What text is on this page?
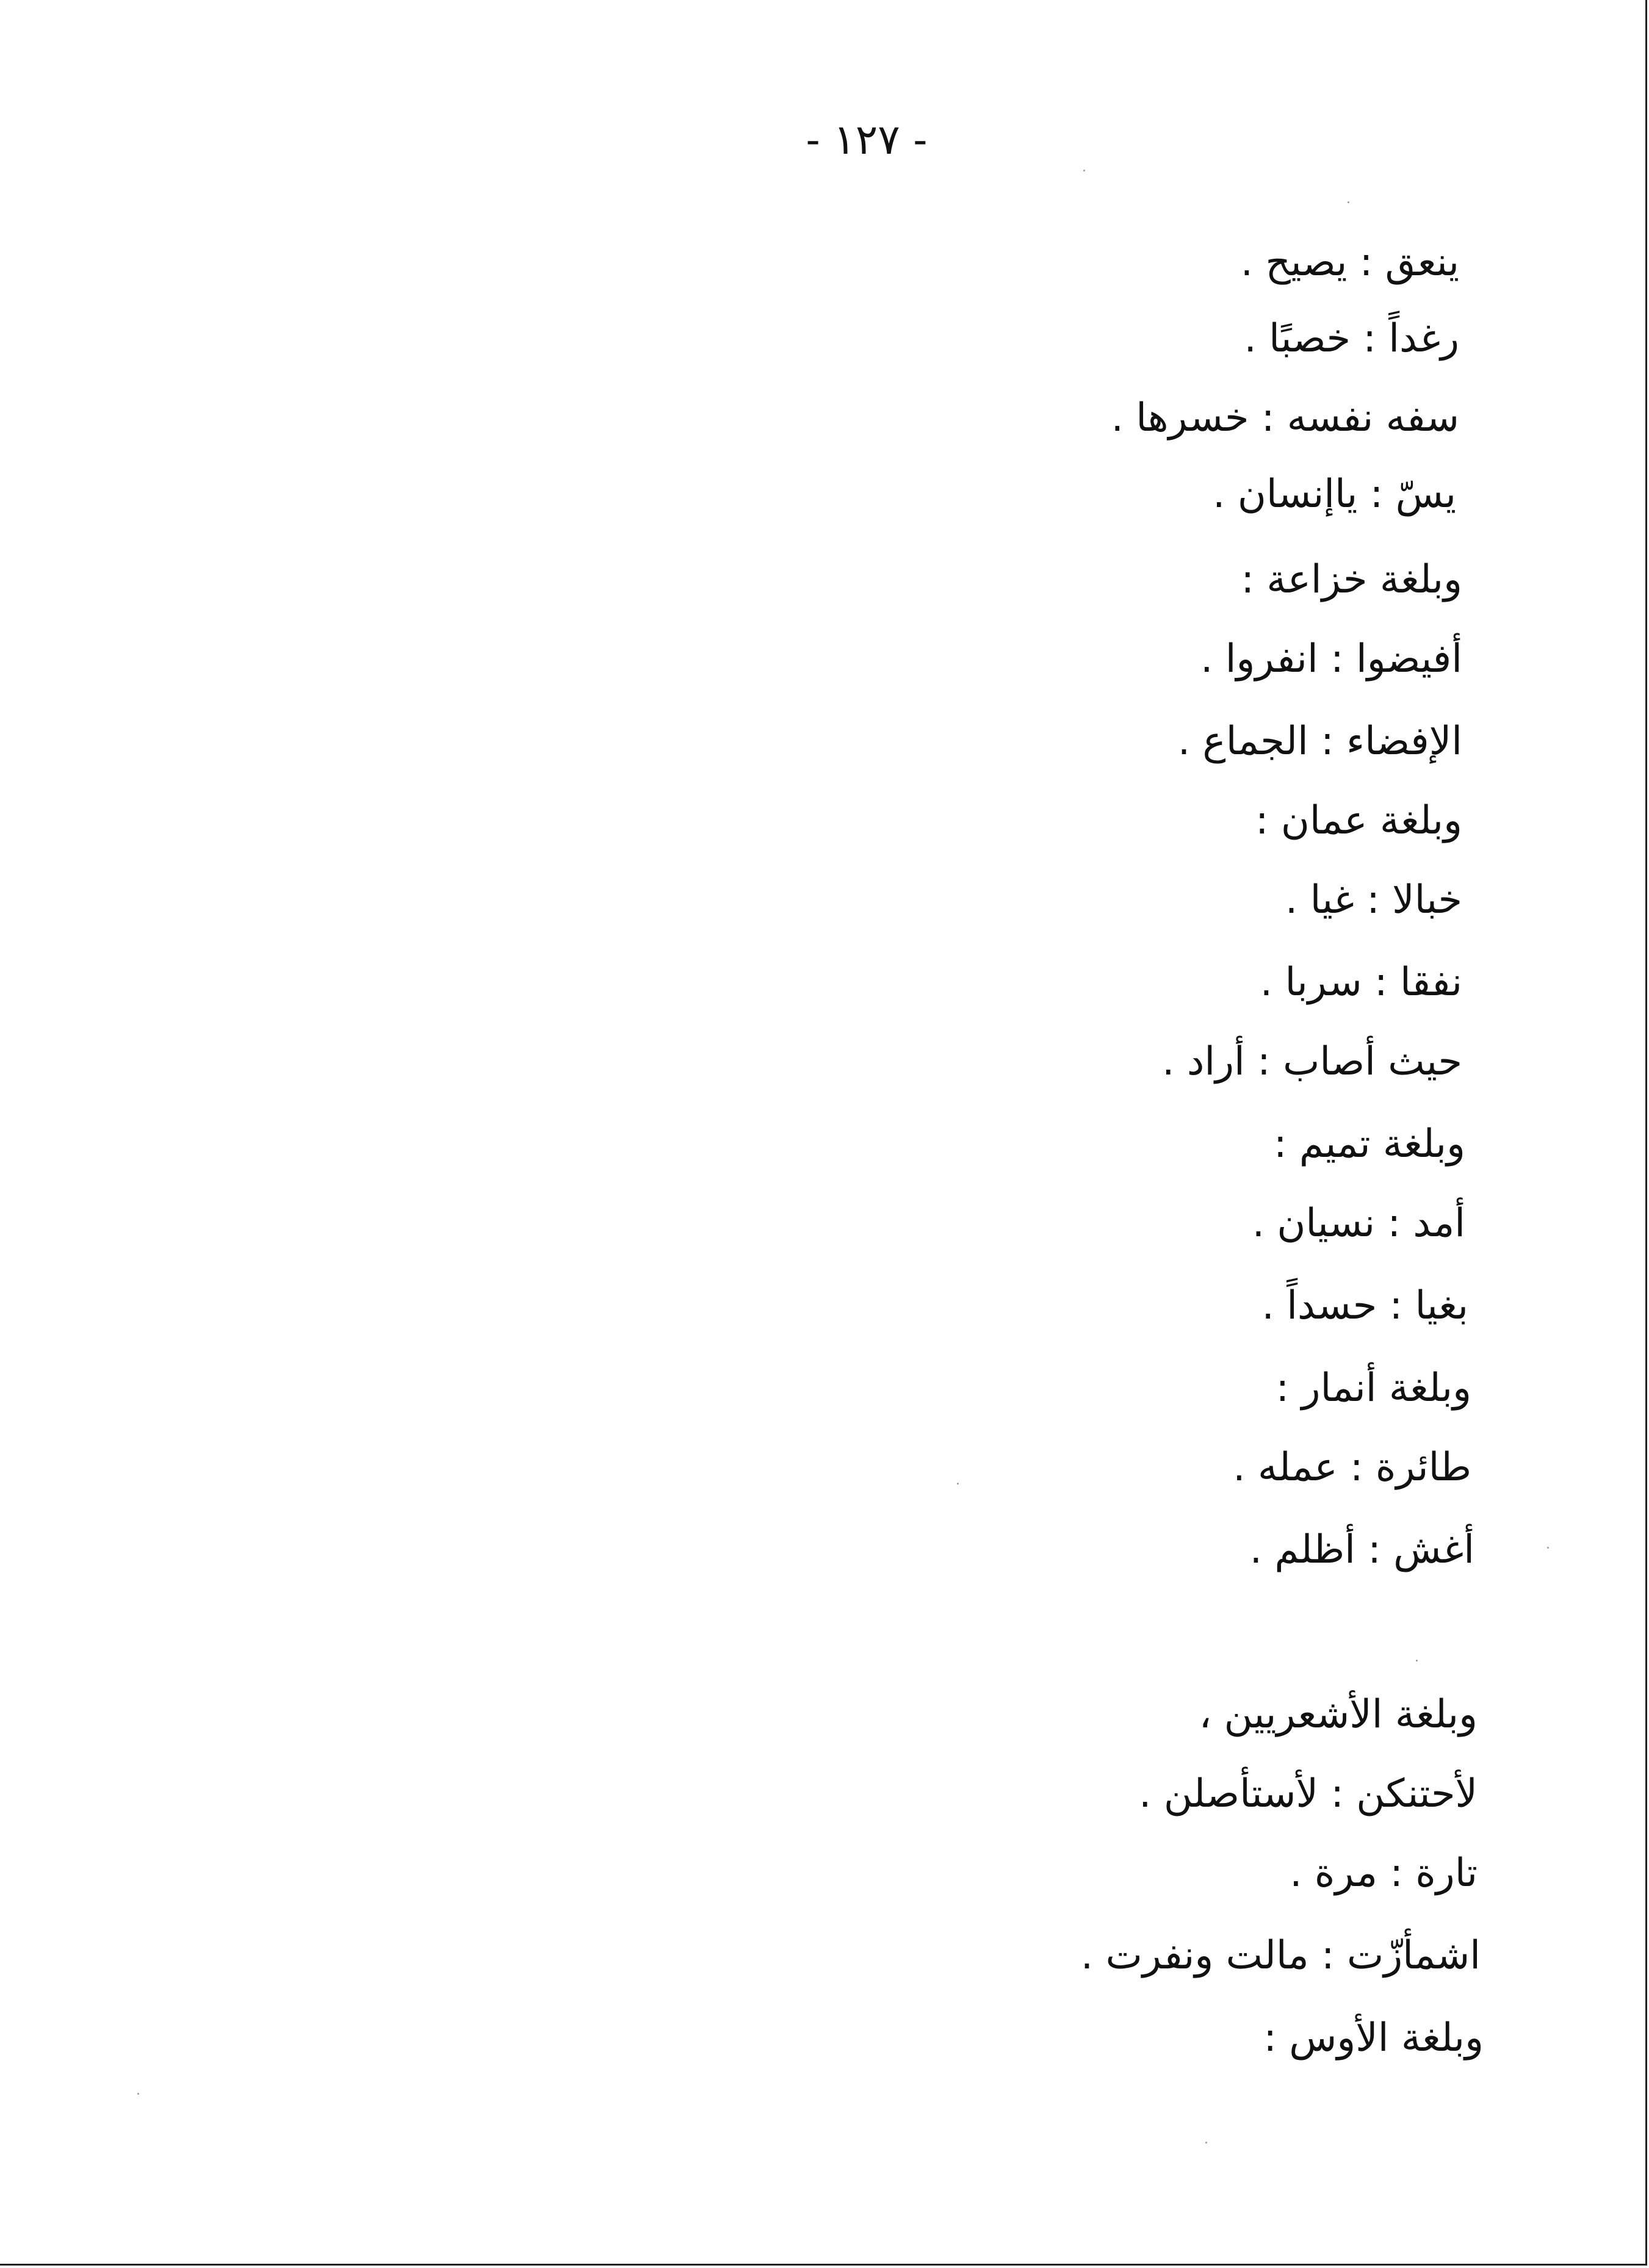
- ١٢٧ -
ينعق : يصيح .
رغداً : خصبًا .
سفه نفسه : خسرها .
يسّ : ياإنسان .
وبلغة خزاعة :
أفيضوا : انفروا .
الإفضاء : الجماع .
وبلغة عمان :
خبالا : غيا .
نفقا : سربا .
حيث أصاب : أراد .
وبلغة تميم :
أمد : نسيان .
بغيا : حسداً .
وبلغة أنمار :
طائرة : عمله .
أغش : أظلم .
وبلغة الأشعريين ،
لأحتنكن : لأستأصلن .
تارة : مرة .
اشمأزّت : مالت ونفرت .
وبلغة الأوس :
